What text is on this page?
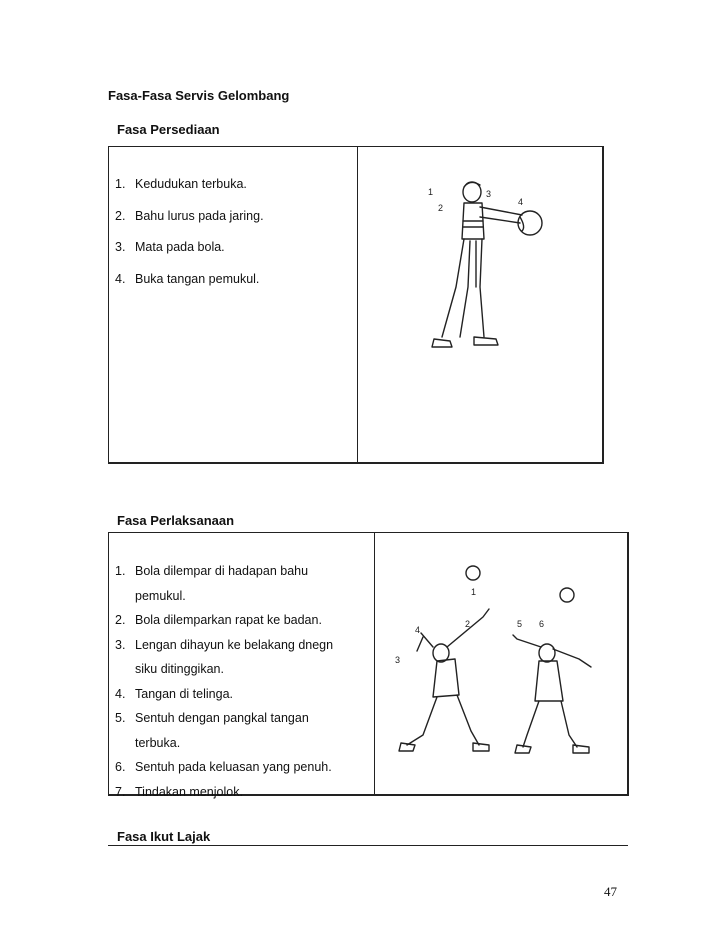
Fasa-Fasa Servis Gelombang
Fasa Persediaan
1. Kedudukan terbuka.
2. Bahu lurus pada jaring.
3. Mata pada bola.
4. Buka tangan pemukul.
2
3
4
1
Fasa Perlaksanaan
1. Bola dilempar di hadapan bahu
pemukul.
2. Bola dilemparkan rapat ke badan.
3. Lengan dihayun ke belakang dnegn
siku ditinggikan.
4. Tangan di telinga.
5. Sentuh dengan pangkal tangan
terbuka.
6. Sentuh pada keluasan yang penuh.
7. Tindakan menjolok.
1
2
3
4
5 6
Fasa Ikut Lajak
47
